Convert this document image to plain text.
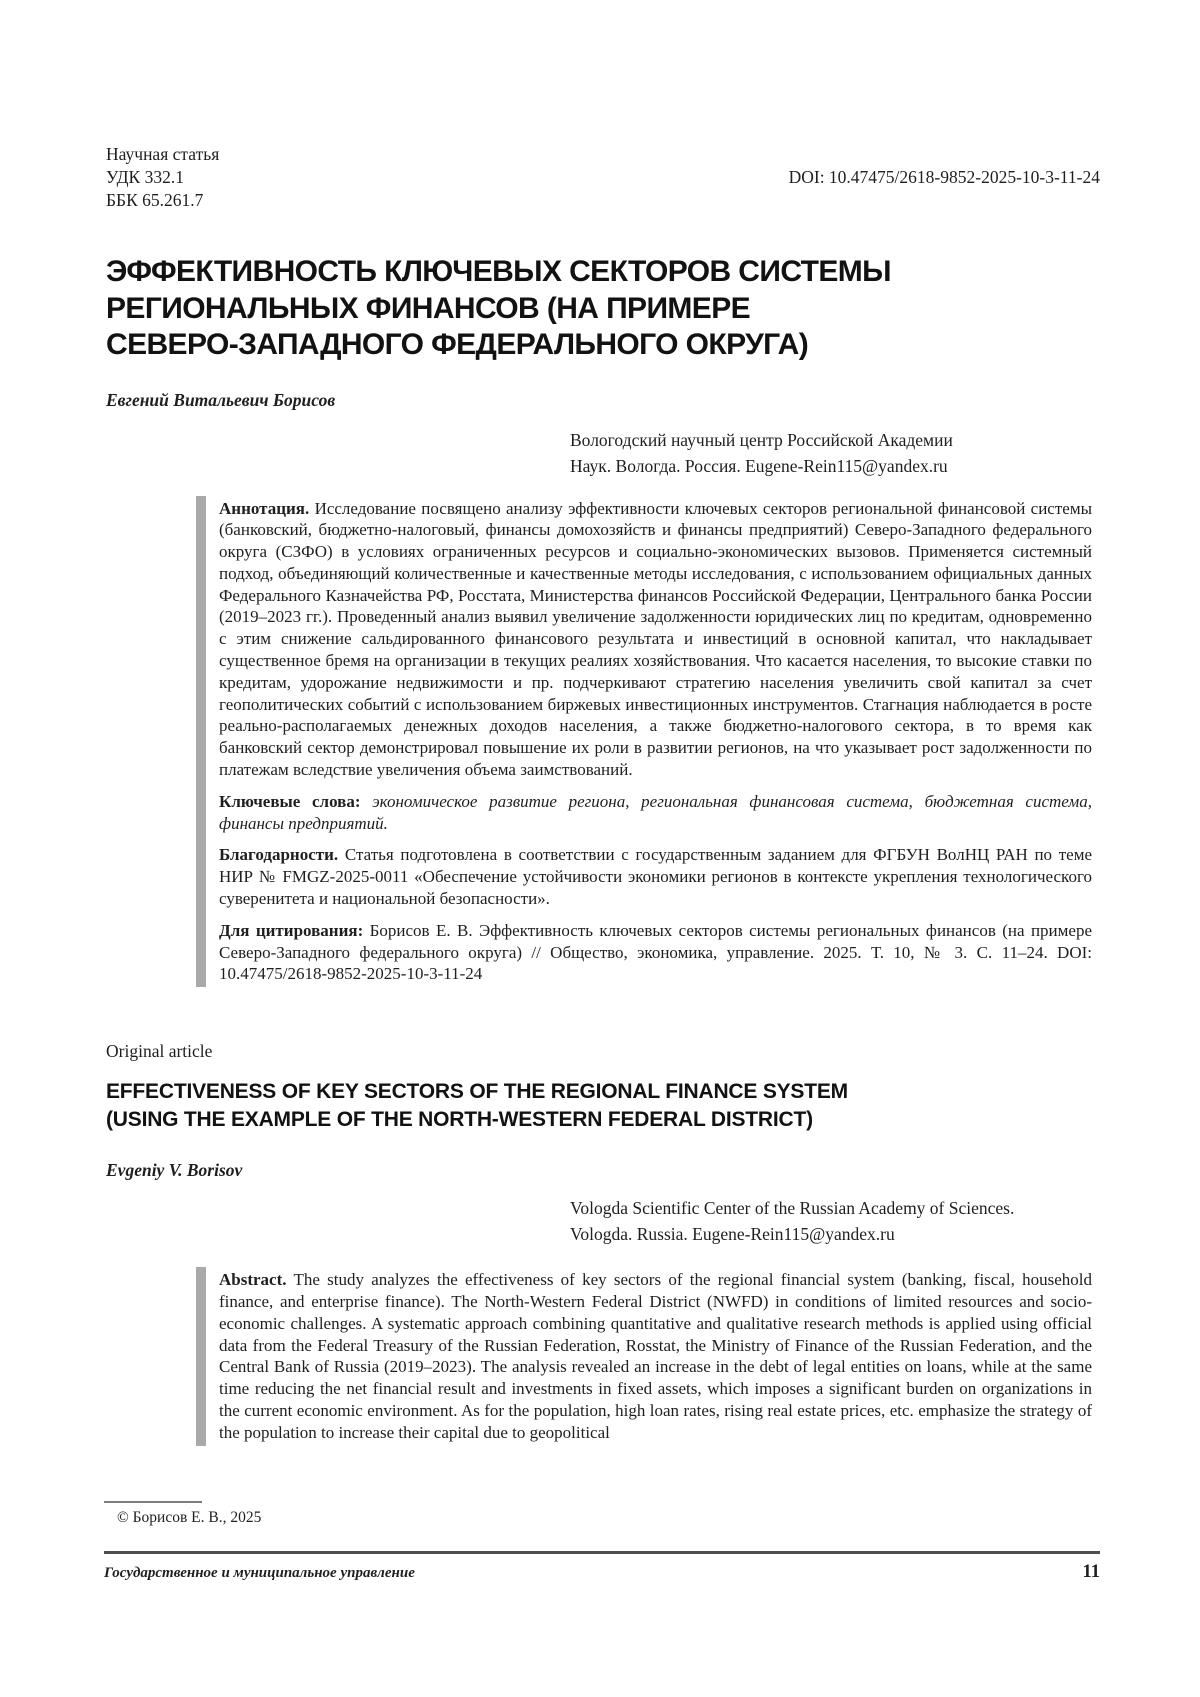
Научная статья
УДК 332.1
ББК 65.261.7
DOI: 10.47475/2618-9852-2025-10-3-11-24
ЭФФЕКТИВНОСТЬ КЛЮЧЕВЫХ СЕКТОРОВ СИСТЕМЫ
РЕГИОНАЛЬНЫХ ФИНАНСОВ (НА ПРИМЕРЕ
СЕВЕРО-ЗАПАДНОГО ФЕДЕРАЛЬНОГО ОКРУГА)
Евгений Витальевич Борисов
Вологодский научный центр Российской Академии
Наук. Вологда. Россия. Eugene-Rein115@yandex.ru

Аннотация. Исследование посвящено анализу эффективности ключевых секторов региональной финансовой системы (банковский, бюджетно-налоговый, финансы домохозяйств и финансы предприятий) Северо-Западного федерального округа (СЗФО) в условиях ограниченных ресурсов и социально-экономических вызовов. Применяется системный подход, объединяющий количественные и качественные методы исследования, с использованием официальных данных Федерального Казначейства РФ, Росстата, Министерства финансов Российской Федерации, Центрального банка России (2019–2023 гг.). Проведенный анализ выявил увеличение задолженности юридических лиц по кредитам, одновременно с этим снижение сальдированного финансового результата и инвестиций в основной капитал, что накладывает существенное бремя на организации в текущих реалиях хозяйствования. Что касается населения, то высокие ставки по кредитам, удорожание недвижимости и пр. подчеркивают стратегию населения увеличить свой капитал за счет геополитических событий с использованием биржевых инвестиционных инструментов. Стагнация наблюдается в росте реально-располагаемых денежных доходов населения, а также бюджетно-налогового сектора, в то время как банковский сектор демонстрировал повышение их роли в развитии регионов, на что указывает рост задолженности по платежам вследствие увеличения объема заимствований.

Ключевые слова: экономическое развитие региона, региональная финансовая система, бюджетная система, финансы предприятий.

Благодарности. Статья подготовлена в соответствии с государственным заданием для ФГБУН ВолНЦ РАН по теме НИР № FMGZ-2025-0011 «Обеспечение устойчивости экономики регионов в контексте укрепления технологического суверенитета и национальной безопасности».

Для цитирования: Борисов Е. В. Эффективность ключевых секторов системы региональных финансов (на примере Северо-Западного федерального округа) // Общество, экономика, управление. 2025. Т. 10, № 3. С. 11–24. DOI: 10.47475/2618-9852-2025-10-3-11-24

Original article
EFFECTIVENESS OF KEY SECTORS OF THE REGIONAL FINANCE SYSTEM
(USING THE EXAMPLE OF THE NORTH-WESTERN FEDERAL DISTRICT)
Evgeniy V. Borisov
Vologda Scientific Center of the Russian Academy of Sciences.
Vologda. Russia. Eugene-Rein115@yandex.ru

Abstract. The study analyzes the effectiveness of key sectors of the regional financial system (banking, fiscal, household finance, and enterprise finance). The North-Western Federal District (NWFD) in conditions of limited resources and socio-economic challenges. A systematic approach combining quantitative and qualitative research methods is applied using official data from the Federal Treasury of the Russian Federation, Rosstat, the Ministry of Finance of the Russian Federation, and the Central Bank of Russia (2019–2023). The analysis revealed an increase in the debt of legal entities on loans, while at the same time reducing the net financial result and investments in fixed assets, which imposes a significant burden on organizations in the current economic environment. As for the population, high loan rates, rising real estate prices, etc. emphasize the strategy of the population to increase their capital due to geopolitical

© Борисов Е. В., 2025
Государственное и муниципальное управление	11
